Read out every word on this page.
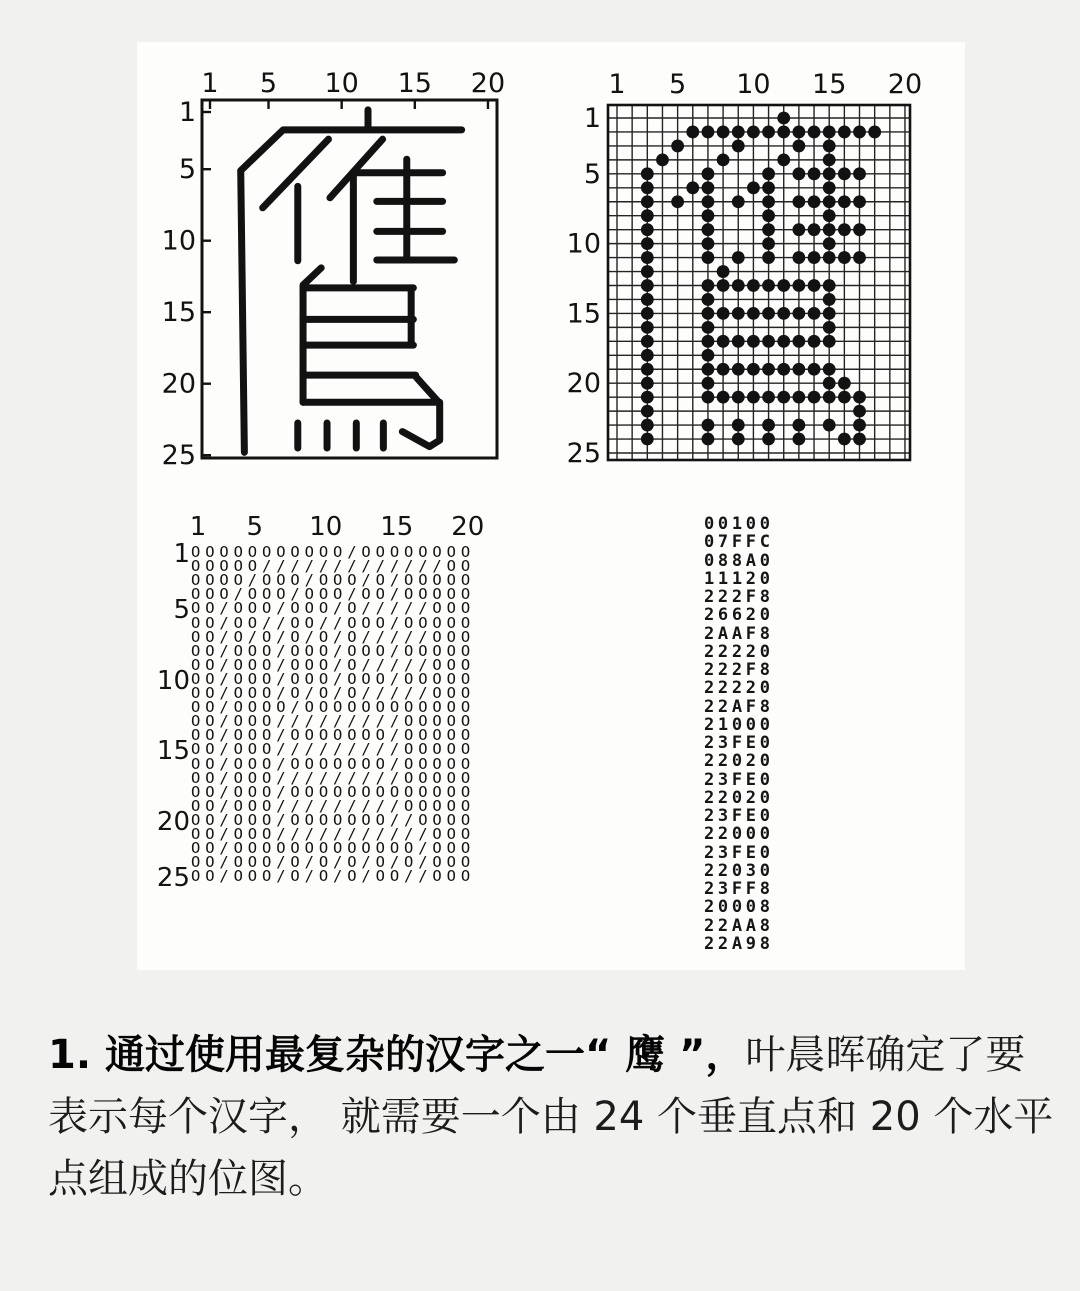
1 5 10 15 20
1
5
10
15
20
25
1 5 10 15 20
1
5
10
15
20
25
1 5 10 15 20
1
5
10
15
20
25
OOOOOOOOOOO/OOOOOOOO
OOOOO/////////////OO
OOOO/OOO/OOO/O/OOOOO
OOO/OOO/OOO/OO/OOOOO
OO/OOO/OOO/O/////OOO
OO/OO//OO//OOO/OOOOO
OO/O/O/O/O/O/////OOO
OO/OOO/OOO/OOO/OOOOO
OO/OOO/OOO/O/////OOO
OO/OOO/OOO/OOO/OOOOO
OO/OOO/O/O/O/////OOO
OO/OOOO/OOOOOOOOOOOO
OO/OOO/////////OOOOO
OO/OOO/OOOOOOO/OOOOO
OO/OOO/////////OOOOO
OO/OOO/OOOOOOO/OOOOO
OO/OOO/////////OOOOO
OO/OOO/OOOOOOOOOOOOO
OO/OOO/////////OOOOO
OO/OOO/OOOOOOO//OOOO
OO/OOO///////////OOO
OO/OOOOOOOOOOOOO/OOO
OO/OOO/O/O/O/O/O/OOO
OO/OOO/O/O/O/OO//OOO
00100
07FFC
088A0
11120
222F8
26620
2AAF8
22220
222F8
22220
22AF8
21000
23FE0
22020
23FE0
22020
23FE0
22000
23FE0
22030
23FF8
20008
22AA8
22A98
1. 通过使用最复杂的汉字之一“ 鹰 ”，叶晨晖确定了要
表示每个汉字， 就需要一个由 24 个垂直点和 20 个水平
点组成的位图。
